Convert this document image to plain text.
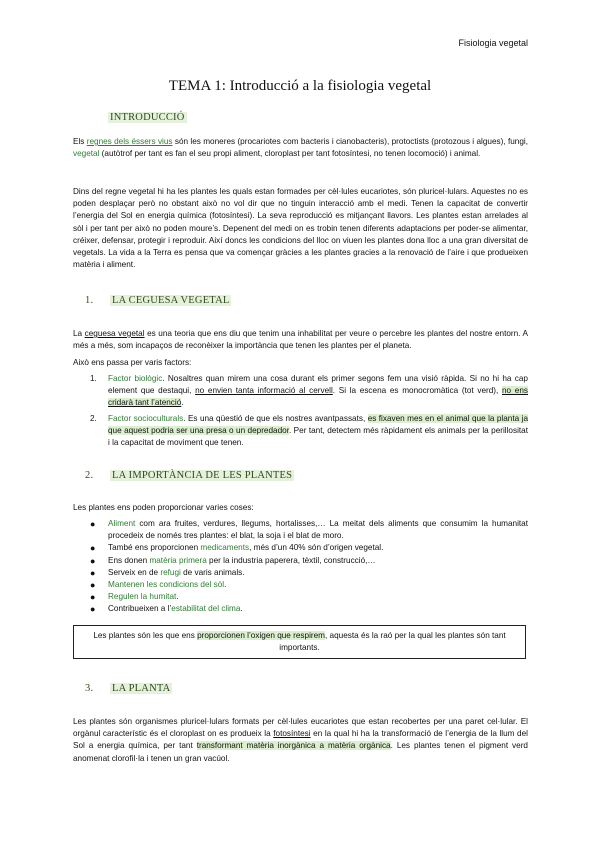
Fisiologia vegetal
TEMA 1: Introducció a la fisiologia vegetal
INTRODUCCIÓ
Els regnes dels éssers vius són les moneres (procariotes com bacteris i cianobacteris), protoctists (protozous i algues), fungi, vegetal (autòtrof per tant es fan el seu propi aliment, cloroplast per tant fotosíntesi, no tenen locomoció) i animal.
Dins del regne vegetal hi ha les plantes les quals estan formades per cèl·lules eucariotes, són pluricel·lulars. Aquestes no es poden desplaçar però no obstant això no vol dir que no tinguin interacció amb el medi. Tenen la capacitat de convertir l’energia del Sol en energia química (fotosíntesi). La seva reproducció es mitjançant llavors. Les plantes estan arrelades al sòl i per tant per això no poden moure’s. Depenent del medi on es trobin tenen diferents adaptacions per poder-se alimentar, créixer, defensar, protegir i reproduir. Així doncs les condicions del lloc on viuen les plantes dona lloc a una gran diversitat de vegetals. La vida a la Terra es pensa que va començar gràcies a les plantes gracies a la renovació de l’aire i que produeixen matèria i aliment.
1. LA CEGUESA VEGETAL
La ceguesa vegetal es una teoria que ens diu que tenim una inhabilitat per veure o percebre les plantes del nostre entorn. A més a més, som incapaços de reconèixer la importància que tenen les plantes per el planeta.
Això ens passa per varis factors:
1. Factor biològic. Nosaltres quan mirem una cosa durant els primer segons fem una visió ràpida. Si no hi ha cap element que destaqui, no envien tanta informació al cervell. Si la escena es monocromàtica (tot verd), no ens cridarà tant l’atenció.
2. Factor socioculturals. Es una qüestió de que els nostres avantpassats, es fixaven mes en el animal que la planta ja que aquest podria ser una presa o un depredador. Per tant, detectem més ràpidament els animals per la perillositat i la capacitat de moviment que tenen.
2. LA IMPORTÀNCIA DE LES PLANTES
Les plantes ens poden proporcionar varies coses:
● Aliment com ara fruites, verdures, llegums, hortalisses,… La meitat dels aliments que consumim la humanitat procedeix de només tres plantes: el blat, la soja i el blat de moro.
● També ens proporcionen medicaments, més d’un 40% són d’origen vegetal.
● Ens donen matèria primera per la industria paperera, tèxtil, construcció,…
● Serveix en de refugi de varis animals.
● Mantenen les condicions del sòl.
● Regulen la humitat.
● Contribueixen a l’estabilitat del clima.
Les plantes són les que ens proporcionen l’oxigen que respirem, aquesta és la raó per la qual les plantes són tant importants.
3. LA PLANTA
Les plantes són organismes pluricel·lulars formats per cèl·lules eucariotes que estan recobertes per una paret cel·lular. El orgànul característic és el cloroplast on es produeix la fotosíntesi en la qual hi ha la transformació de l’energia de la llum del Sol a energia química, per tant transformant matèria inorgànica a matèria orgànica. Les plantes tenen el pigment verd anomenat clorofil·la i tenen un gran vacúol.
